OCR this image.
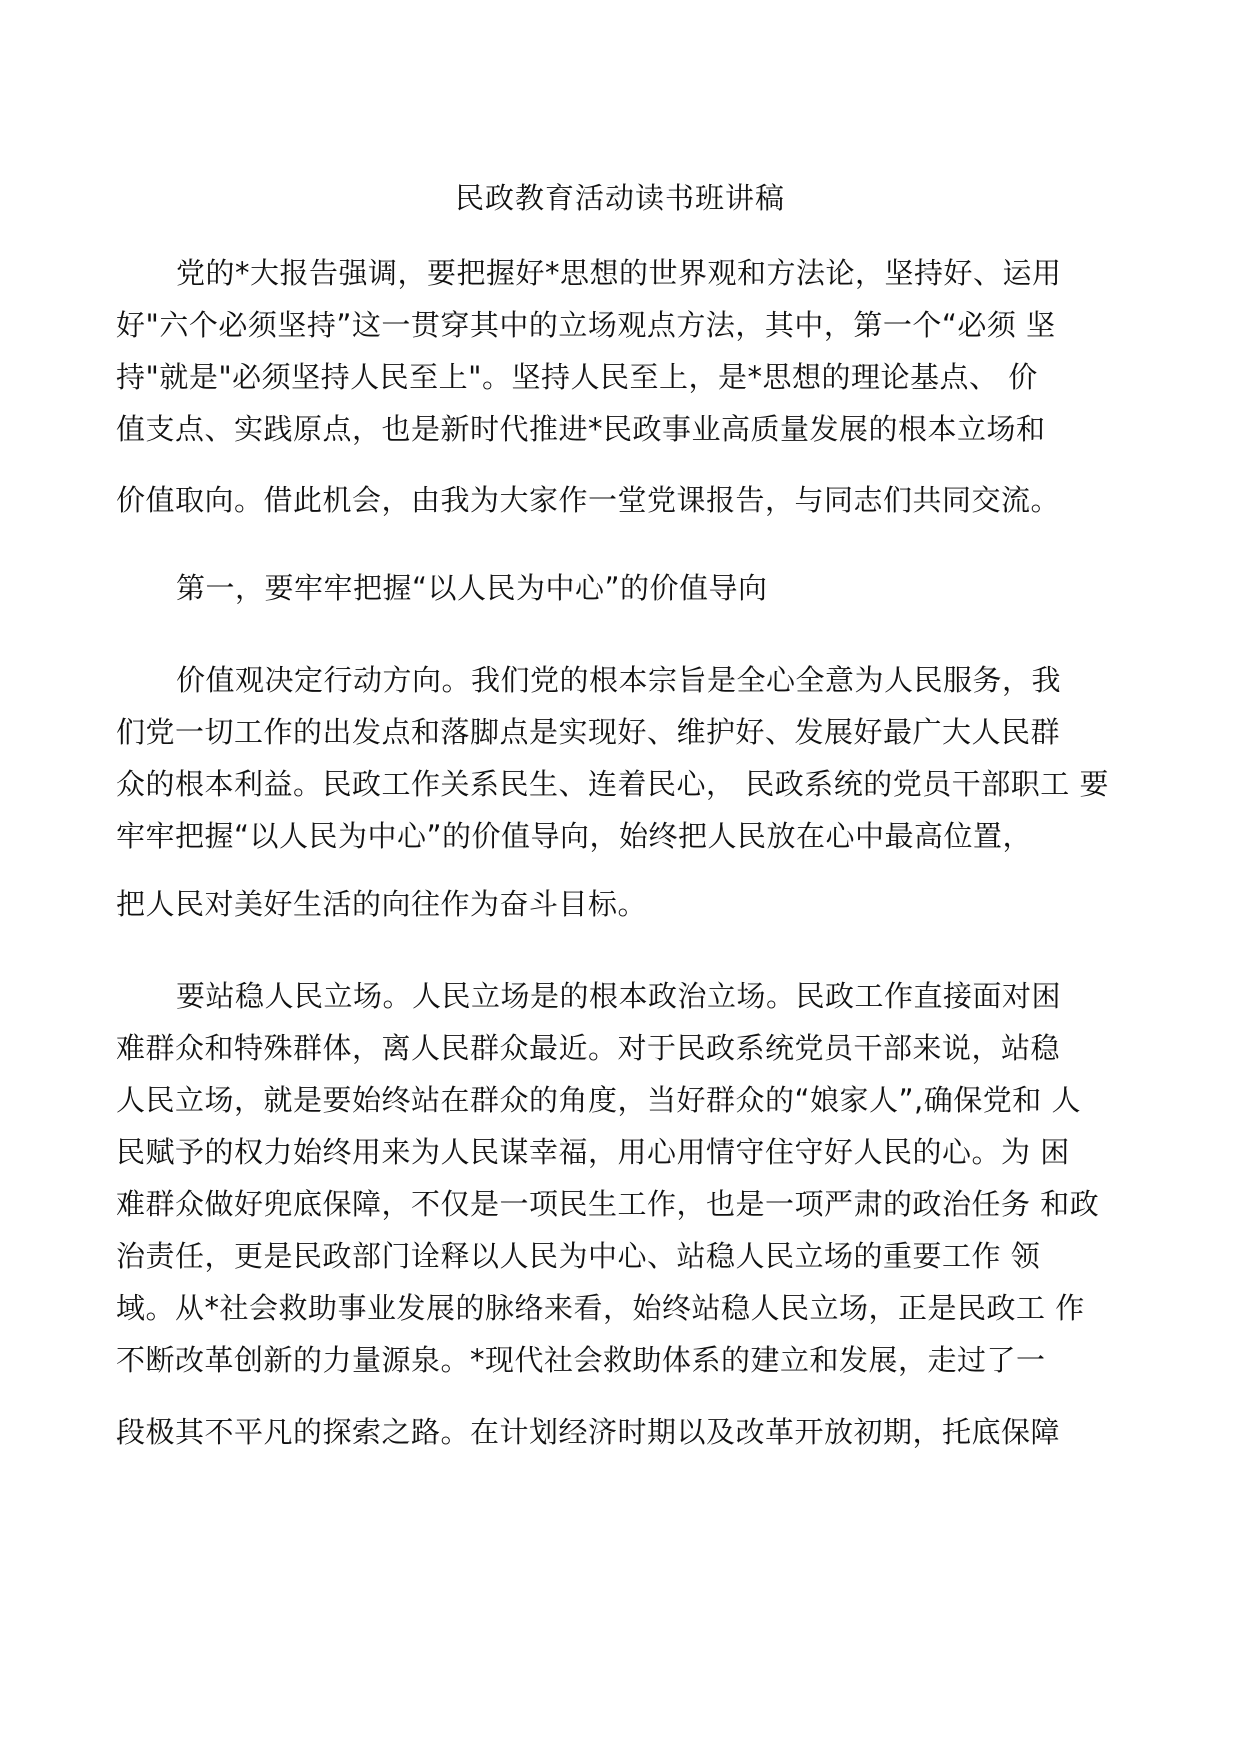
民政教育活动读书班讲稿
党的*大报告强调，要把握好*思想的世界观和方法论，坚持好、运用
好"六个必须坚持”这一贯穿其中的立场观点方法，其中，第一个“必须 坚
持"就是"必须坚持人民至上"。坚持人民至上，是*思想的理论基点、 价
值支点、实践原点，也是新时代推进*民政事业高质量发展的根本立场和
价值取向。借此机会，由我为大家作一堂党课报告，与同志们共同交流。
第一，要牢牢把握“以人民为中心”的价值导向
价值观决定行动方向。我们党的根本宗旨是全心全意为人民服务，我
们党一切工作的出发点和落脚点是实现好、维护好、发展好最广大人民群
众的根本利益。民政工作关系民生、连着民心， 民政系统的党员干部职工 要
牢牢把握“以人民为中心”的价值导向，始终把人民放在心中最高位置，
把人民对美好生活的向往作为奋斗目标。
要站稳人民立场。人民立场是的根本政治立场。民政工作直接面对困
难群众和特殊群体，离人民群众最近。对于民政系统党员干部来说，站稳
人民立场，就是要始终站在群众的角度，当好群众的“娘家人”,确保党和 人
民赋予的权力始终用来为人民谋幸福，用心用情守住守好人民的心。为 困
难群众做好兜底保障，不仅是一项民生工作，也是一项严肃的政治任务 和政
治责任，更是民政部门诠释以人民为中心、站稳人民立场的重要工作 领
域。从*社会救助事业发展的脉络来看，始终站稳人民立场，正是民政工 作
不断改革创新的力量源泉。*现代社会救助体系的建立和发展，走过了一
段极其不平凡的探索之路。在计划经济时期以及改革开放初期，托底保障
